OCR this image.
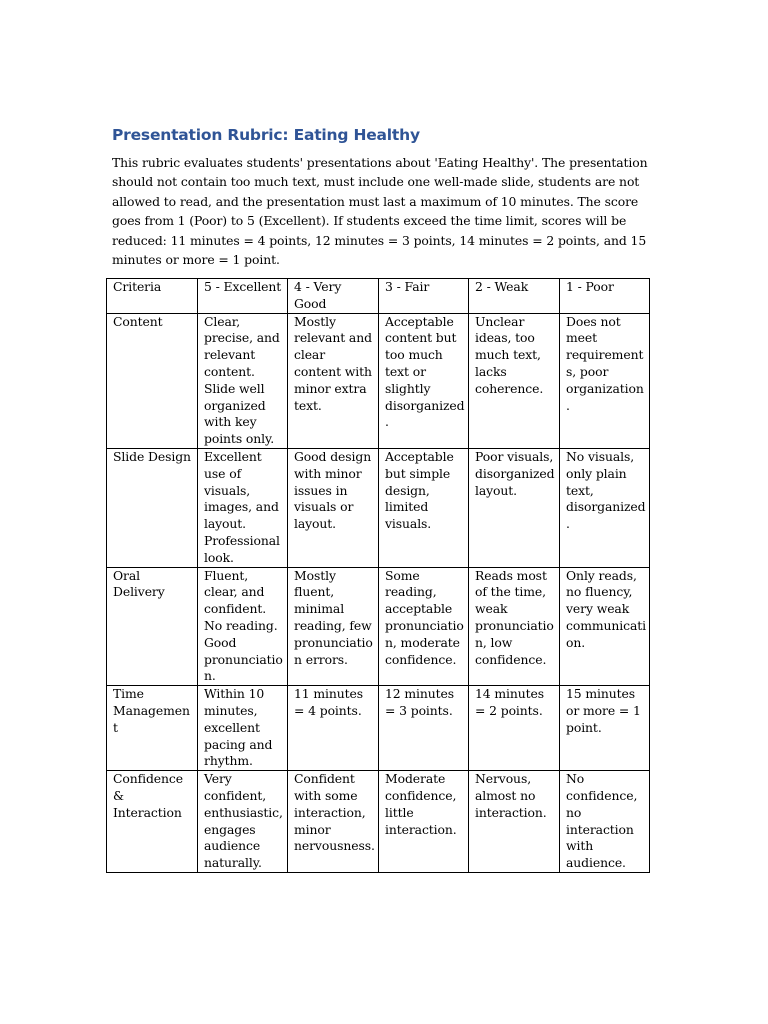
Presentation Rubric: Eating Healthy

This rubric evaluates students' presentations about 'Eating Healthy'. The presentation should not contain too much text, must include one well-made slide, students are not allowed to read, and the presentation must last a maximum of 10 minutes. The score goes from 1 (Poor) to 5 (Excellent). If students exceed the time limit, scores will be reduced: 11 minutes = 4 points, 12 minutes = 3 points, 14 minutes = 2 points, and 15 minutes or more = 1 point.

Criteria	5 - Excellent	4 - Very Good	3 - Fair	2 - Weak	1 - Poor
Content	Clear, precise, and relevant content. Slide well organized with key points only.	Mostly relevant and clear content with minor extra text.	Acceptable content but too much text or slightly disorganized.	Unclear ideas, too much text, lacks coherence.	Does not meet requirements, poor organization.
Slide Design	Excellent use of visuals, images, and layout. Professional look.	Good design with minor issues in visuals or layout.	Acceptable but simple design, limited visuals.	Poor visuals, disorganized layout.	No visuals, only plain text, disorganized.
Oral Delivery	Fluent, clear, and confident. No reading. Good pronunciation.	Mostly fluent, minimal reading, few pronunciation errors.	Some reading, acceptable pronunciation, moderate confidence.	Reads most of the time, weak pronunciation, low confidence.	Only reads, no fluency, very weak communication.
Time Management	Within 10 minutes, excellent pacing and rhythm.	11 minutes = 4 points.	12 minutes = 3 points.	14 minutes = 2 points.	15 minutes or more = 1 point.
Confidence & Interaction	Very confident, enthusiastic, engages audience naturally.	Confident with some interaction, minor nervousness.	Moderate confidence, little interaction.	Nervous, almost no interaction.	No confidence, no interaction with audience.
